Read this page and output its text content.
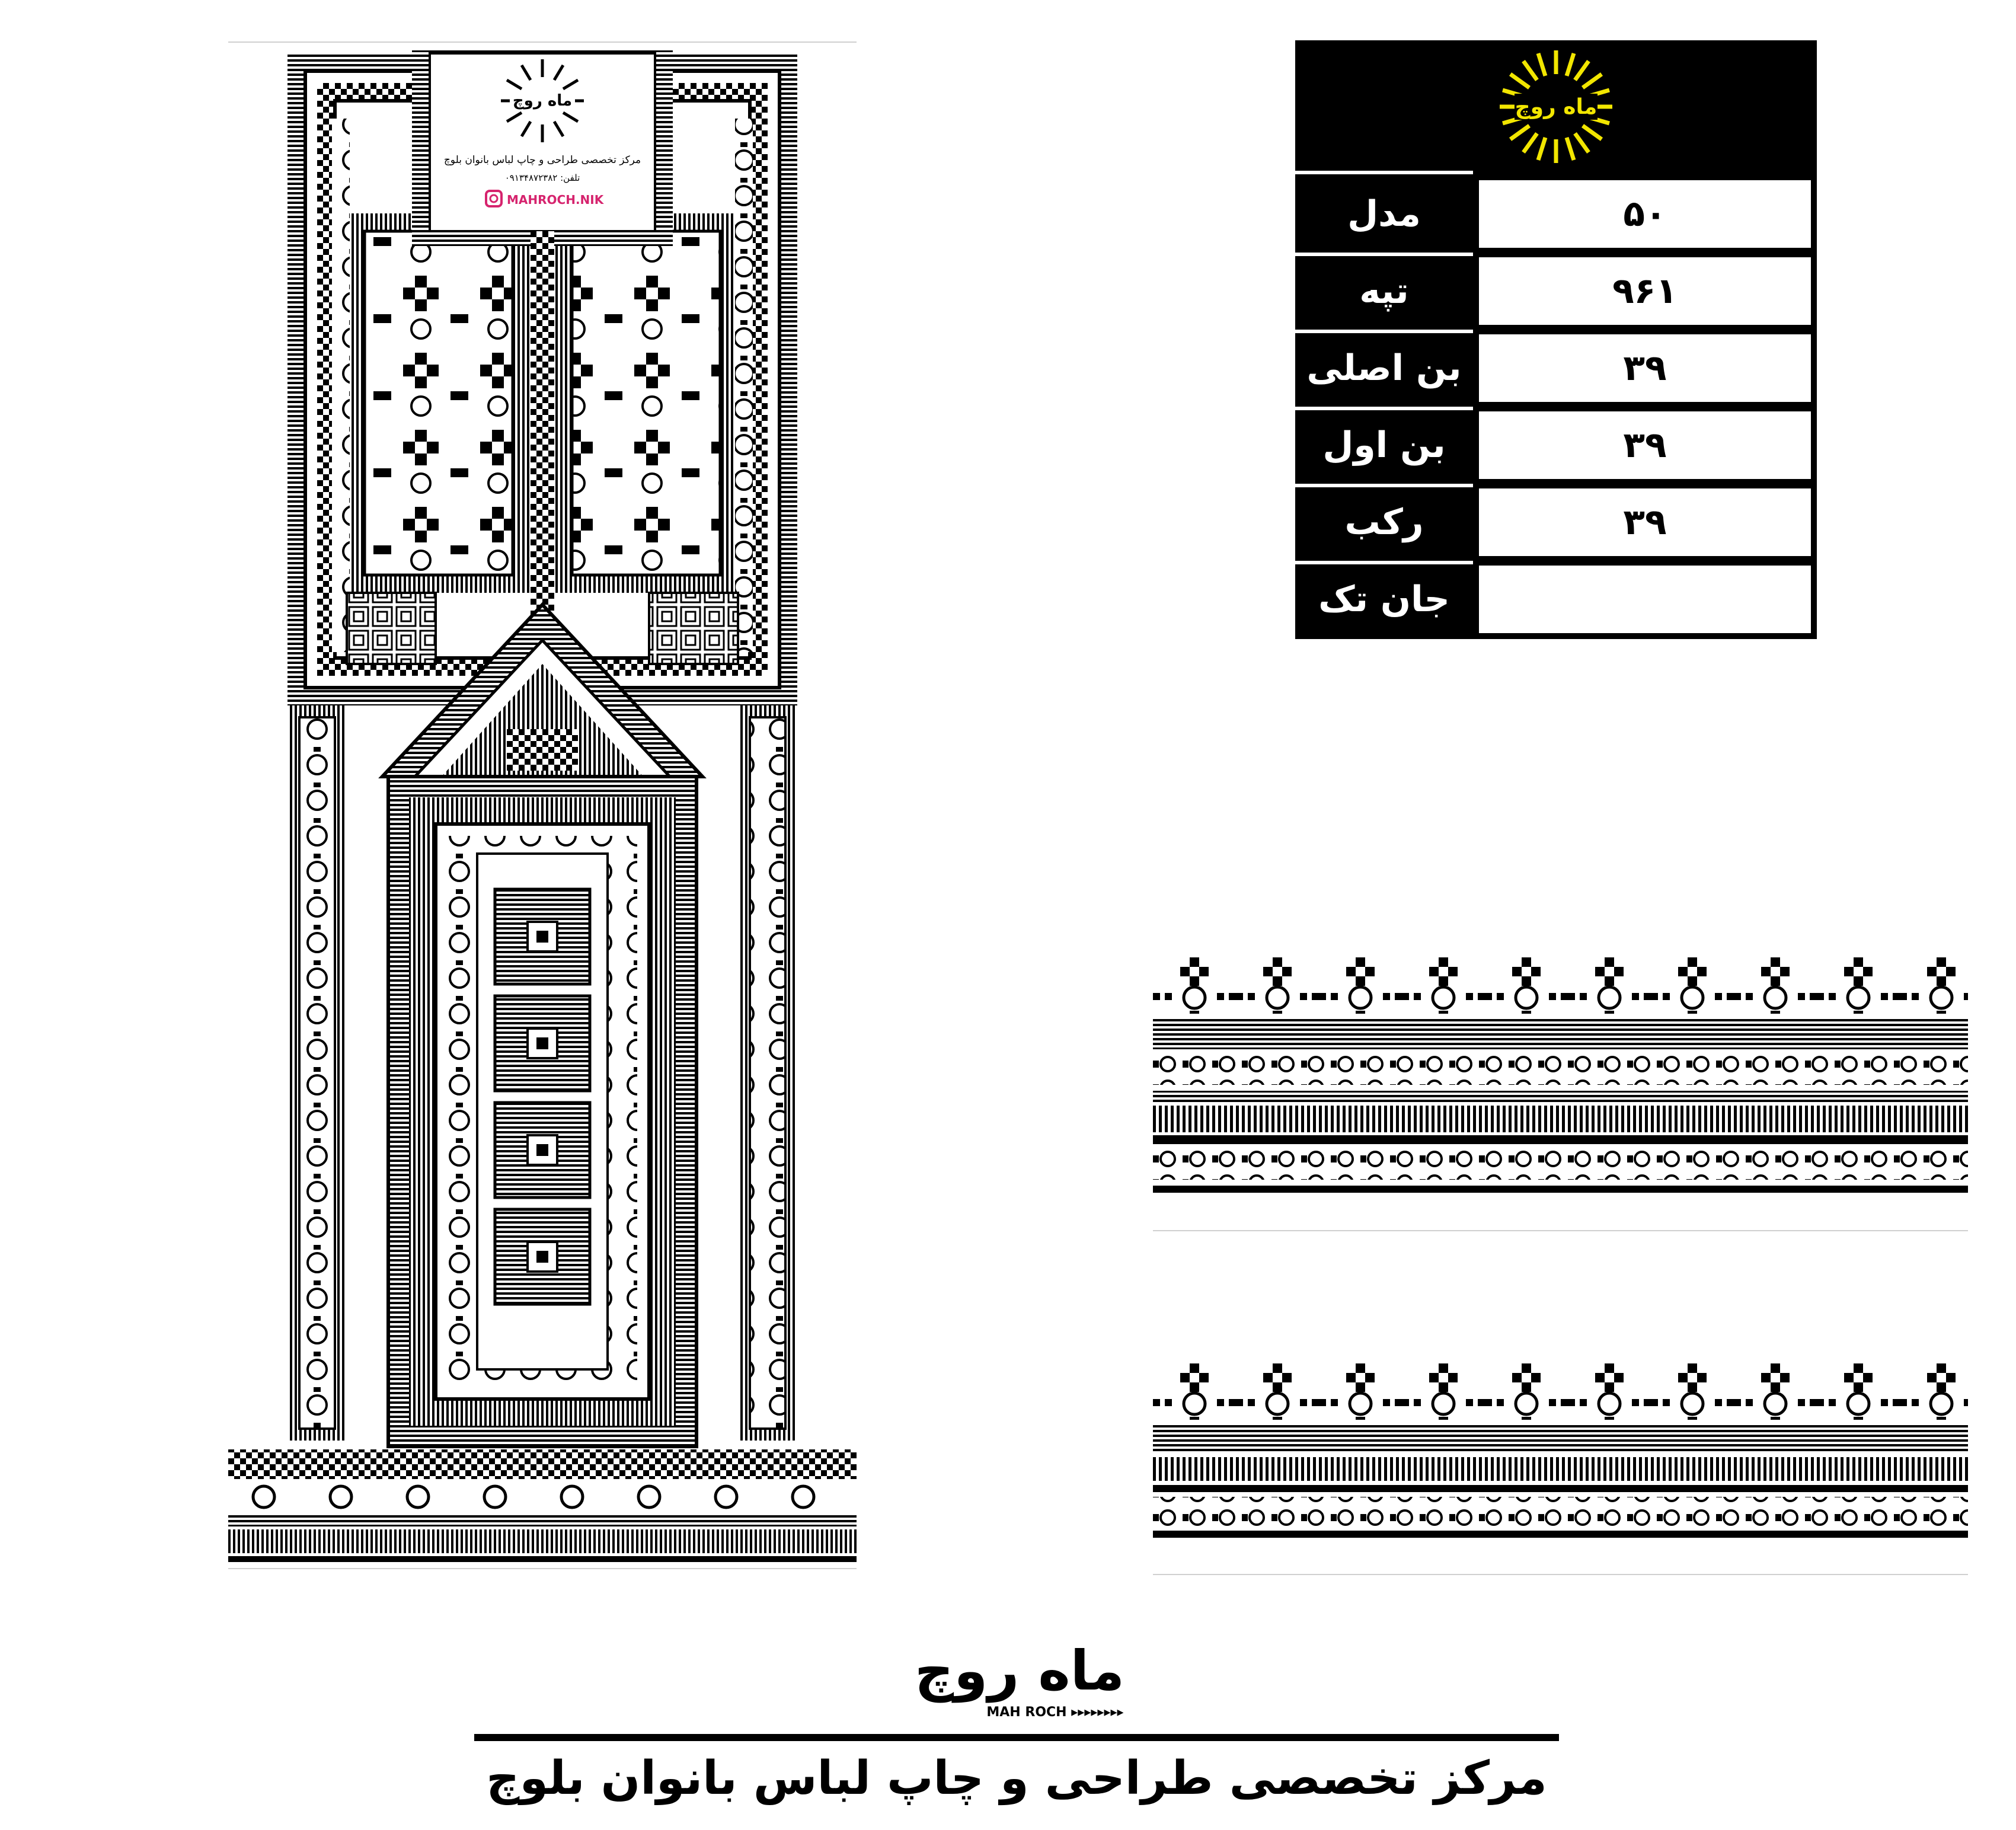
ماه روچ
مرکز تخصصی طراحی و چاپ لباس بانوان بلوچ
تلفن: ۰۹۱۳۴۸۷۲۳۸۲
MAHROCH.NIK
ماه روچ
مدل	۵۰
تپه	۹۶۱
بن اصلی	۳۹
بن اول	۳۹
رکب	۳۹
جان تک
ماه روچ
MAH ROCH ▸▸▸▸▸▸▸▸
مرکز تخصصی طراحی و چاپ لباس بانوان بلوچ
